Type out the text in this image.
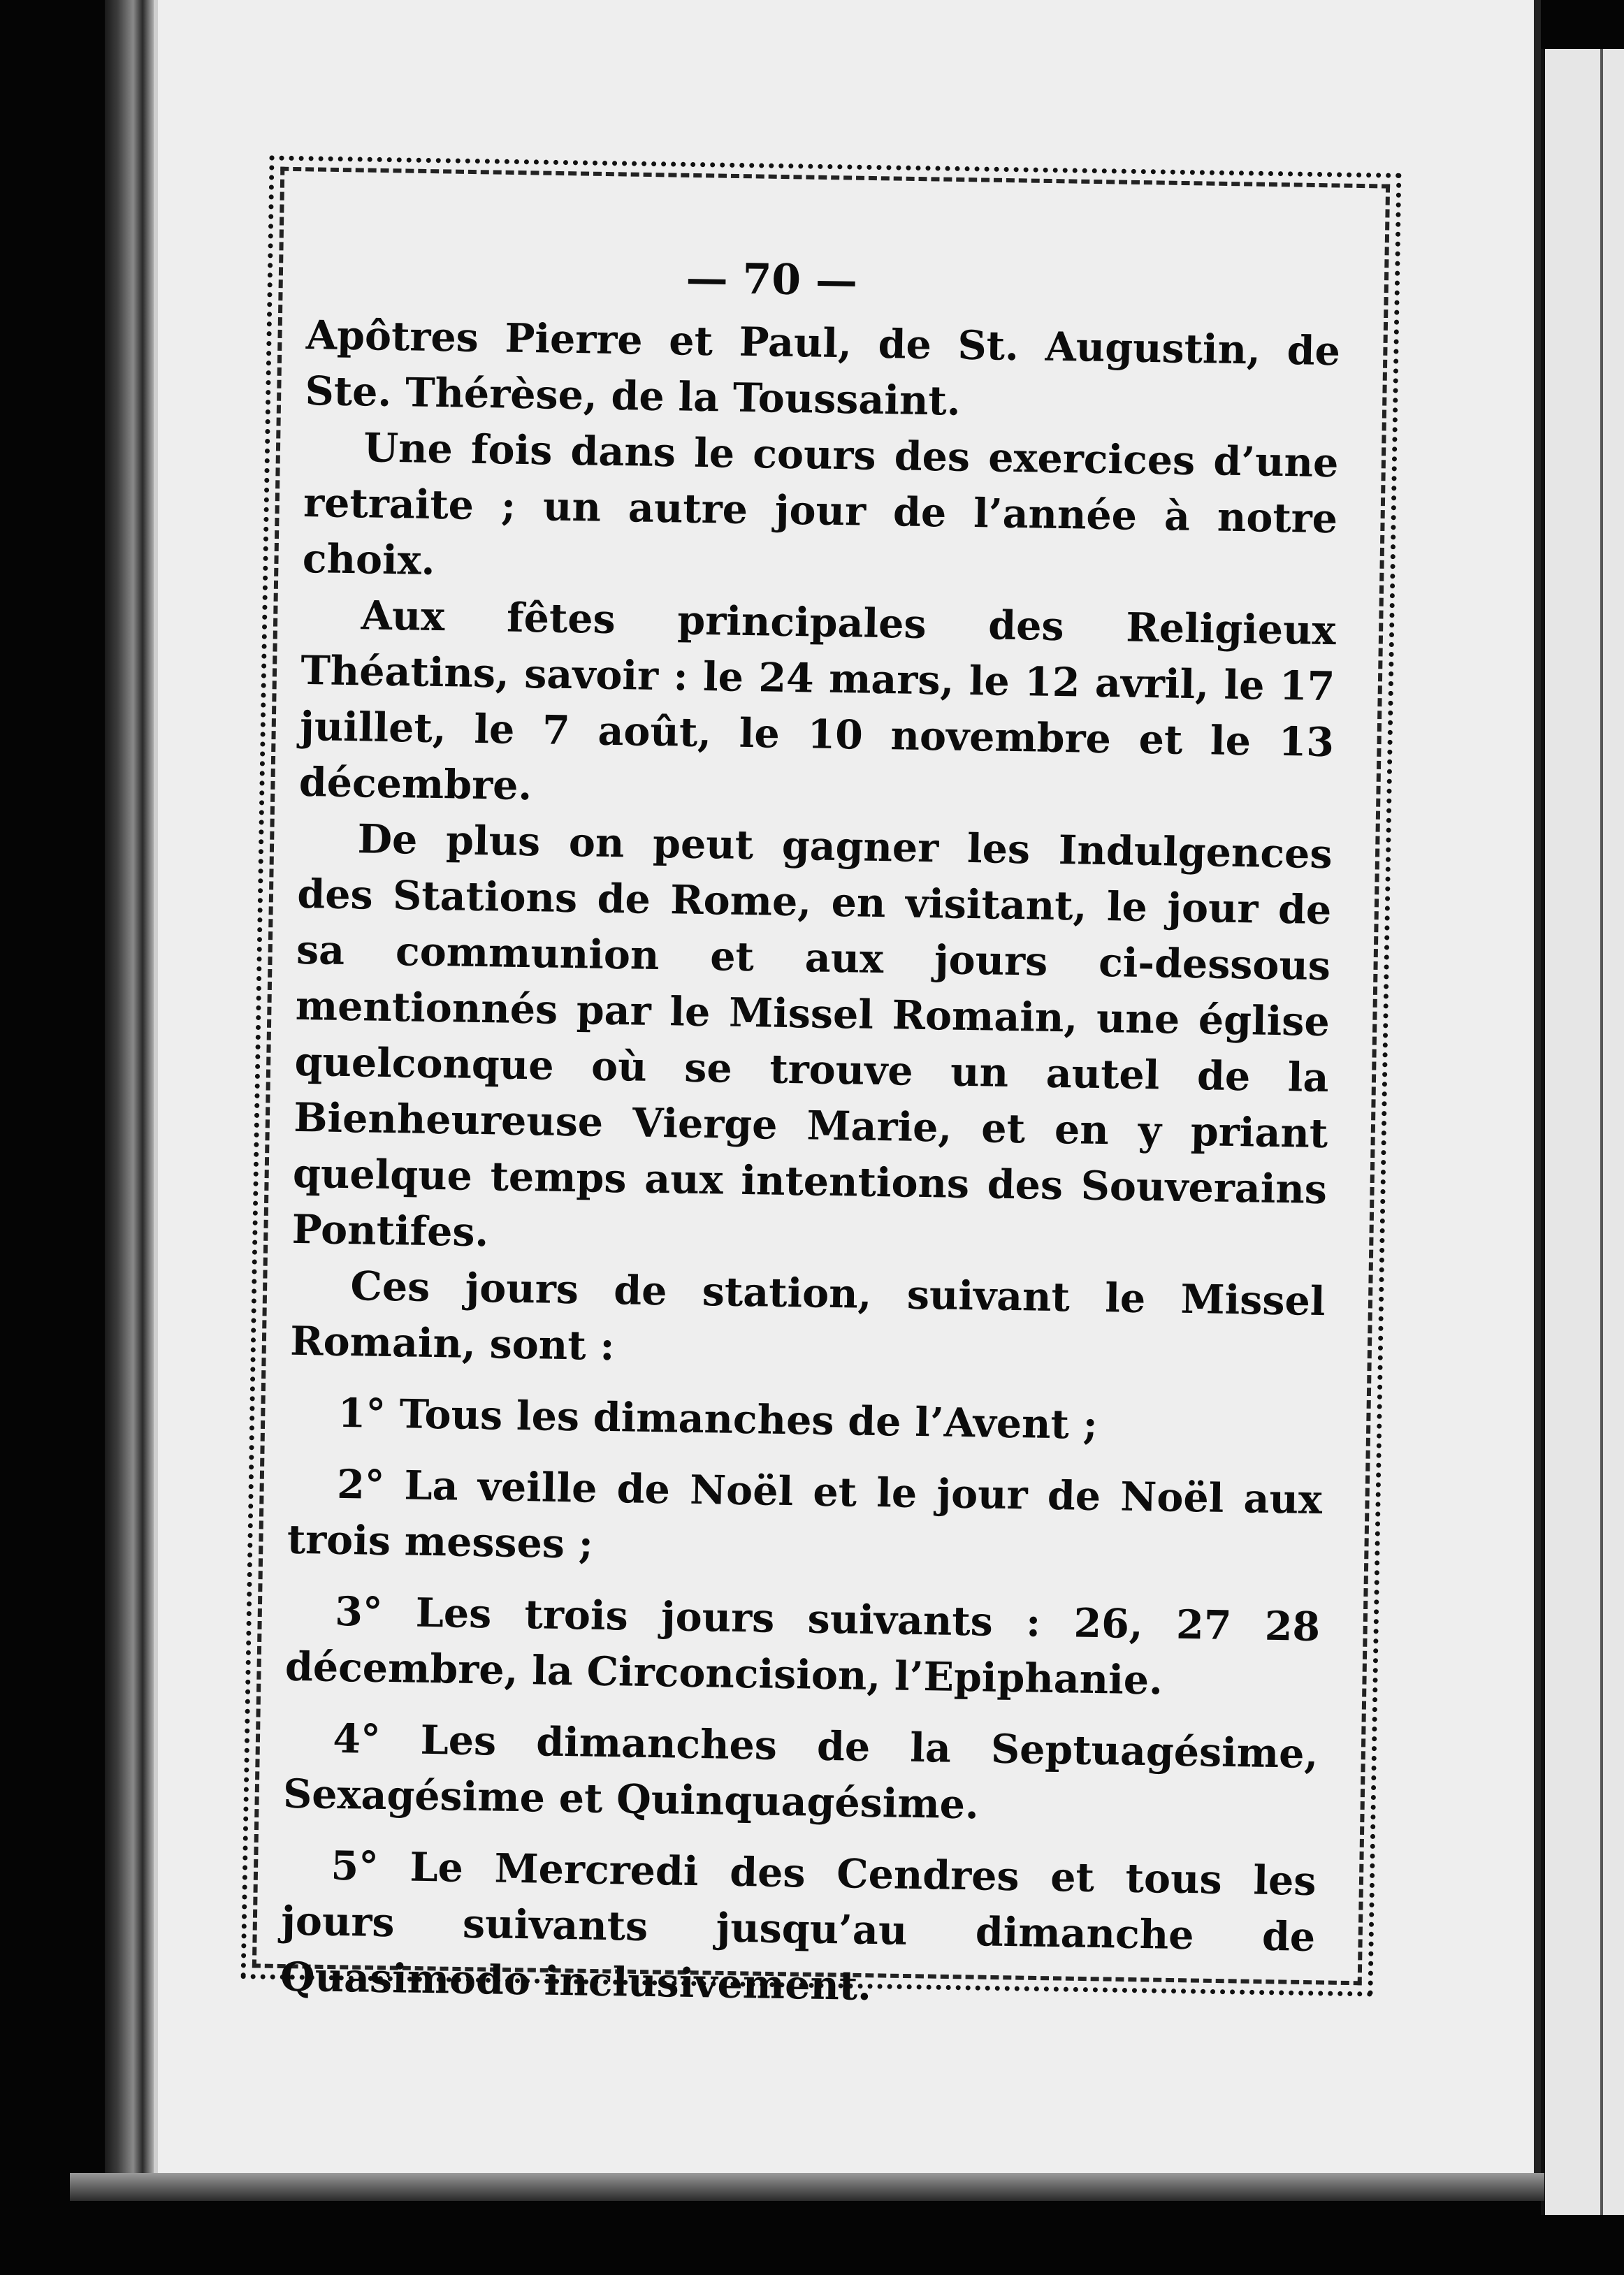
— 70 —

Apôtres Pierre et Paul, de St. Augustin, de Ste. Thérèse, de la Toussaint.

Une fois dans le cours des exercices d’une retraite ; un autre jour de l’année à notre choix.

Aux fêtes principales des Religieux Théatins, savoir : le 24 mars, le 12 avril, le 17 juillet, le 7 août, le 10 novembre et le 13 décembre.

De plus on peut gagner les Indulgences des Stations de Rome, en visitant, le jour de sa communion et aux jours ci-dessous mentionnés par le Missel Romain, une église quelconque où se trouve un autel de la Bienheureuse Vierge Marie, et en y priant quelque temps aux intentions des Souverains Pontifes.

Ces jours de station, suivant le Missel Romain, sont :

1° Tous les dimanches de l’Avent ;

2° La veille de Noël et le jour de Noël aux trois messes ;

3° Les trois jours suivants : 26, 27 28 décembre, la Circoncision, l’Epiphanie.

4° Les dimanches de la Septuagésime, Sexagésime et Quinquagésime.

5° Le Mercredi des Cendres et tous les jours suivants jusqu’au dimanche de Quasimodo inclusivement.
